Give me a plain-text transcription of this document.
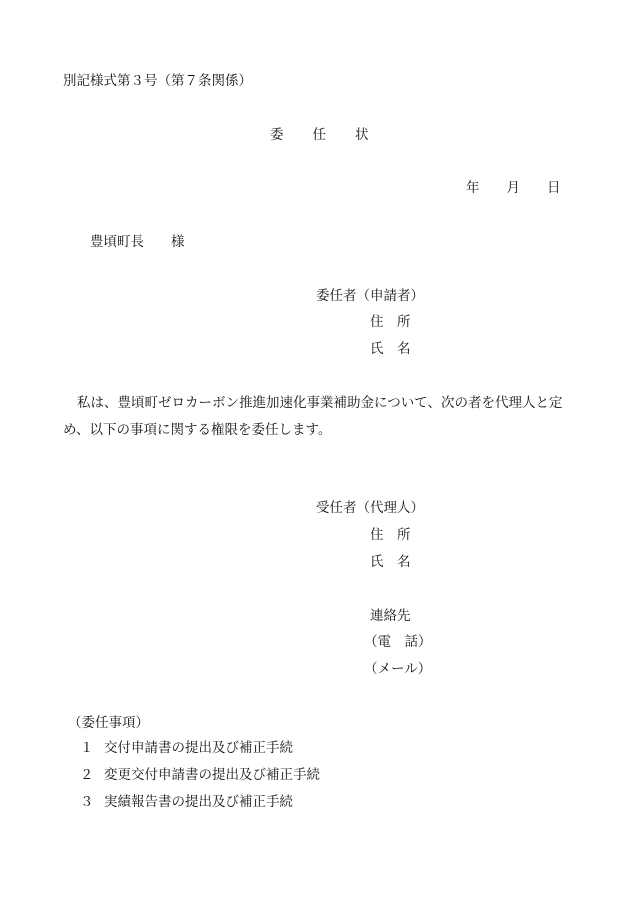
別記様式第３号（第７条関係）
委 任 状
年　　月　　日
豊頃町長　　様
委任者（申請者）
住　所
氏　名
私は、豊頃町ゼロカーボン推進加速化事業補助金について、次の者を代理人と定
め、以下の事項に関する権限を委任します。
受任者（代理人）
住　所
氏　名
連絡先
（電　話）
（メール）
（委任事項）
１ 交付申請書の提出及び補正手続
２ 変更交付申請書の提出及び補正手続
３ 実績報告書の提出及び補正手続
